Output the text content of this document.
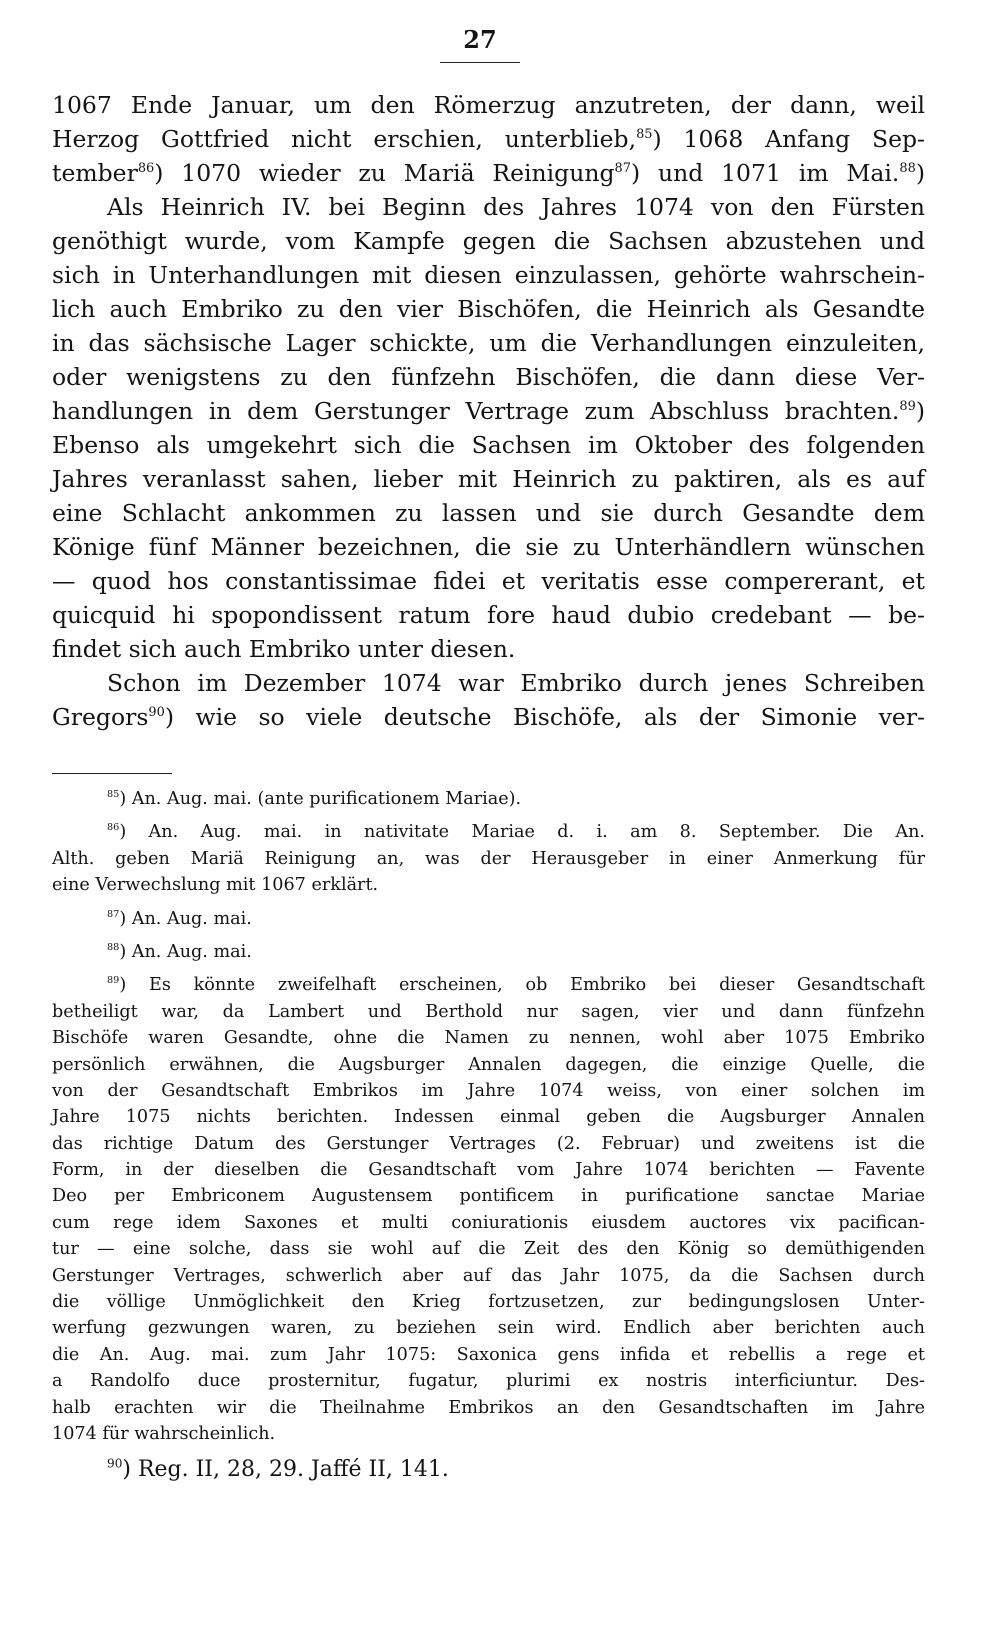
27
1067 Ende Januar, um den Römerzug anzutreten, der dann, weil
Herzog Gottfried nicht erschien, unterblieb,$^{85}$) 1068 Anfang Sep-
tember$^{86}$) 1070 wieder zu Mariä Reinigung$^{87}$) und 1071 im Mai.$^{88}$)
Als Heinrich IV. bei Beginn des Jahres 1074 von den Fürsten
genöthigt wurde, vom Kampfe gegen die Sachsen abzustehen und
sich in Unterhandlungen mit diesen einzulassen, gehörte wahrschein-
lich auch Embriko zu den vier Bischöfen, die Heinrich als Gesandte
in das sächsische Lager schickte, um die Verhandlungen einzuleiten,
oder wenigstens zu den fünfzehn Bischöfen, die dann diese Ver-
handlungen in dem Gerstunger Vertrage zum Abschluss brachten.$^{89}$)
Ebenso als umgekehrt sich die Sachsen im Oktober des folgenden
Jahres veranlasst sahen, lieber mit Heinrich zu paktiren, als es auf
eine Schlacht ankommen zu lassen und sie durch Gesandte dem
Könige fünf Männer bezeichnen, die sie zu Unterhändlern wünschen
— quod hos constantissimae fidei et veritatis esse compererant, et
quicquid hi spopondissent ratum fore haud dubio credebant — be-
findet sich auch Embriko unter diesen.
Schon im Dezember 1074 war Embriko durch jenes Schreiben
Gregors$^{90}$) wie so viele deutsche Bischöfe, als der Simonie ver-
$^{85}$) An. Aug. mai. (ante purificationem Mariae).
$^{86}$) An. Aug. mai. in nativitate Mariae d. i. am 8. September. Die An.
Alth. geben Mariä Reinigung an, was der Herausgeber in einer Anmerkung für
eine Verwechslung mit 1067 erklärt.
$^{87}$) An. Aug. mai.
$^{88}$) An. Aug. mai.
$^{89}$) Es könnte zweifelhaft erscheinen, ob Embriko bei dieser Gesandtschaft
betheiligt war, da Lambert und Berthold nur sagen, vier und dann fünfzehn
Bischöfe waren Gesandte, ohne die Namen zu nennen, wohl aber 1075 Embriko
persönlich erwähnen, die Augsburger Annalen dagegen, die einzige Quelle, die
von der Gesandtschaft Embrikos im Jahre 1074 weiss, von einer solchen im
Jahre 1075 nichts berichten. Indessen einmal geben die Augsburger Annalen
das richtige Datum des Gerstunger Vertrages (2. Februar) und zweitens ist die
Form, in der dieselben die Gesandtschaft vom Jahre 1074 berichten — Favente
Deo per Embriconem Augustensem pontificem in purificatione sanctae Mariae
cum rege idem Saxones et multi coniurationis eiusdem auctores vix pacifican-
tur — eine solche, dass sie wohl auf die Zeit des den König so demüthigenden
Gerstunger Vertrages, schwerlich aber auf das Jahr 1075, da die Sachsen durch
die völlige Unmöglichkeit den Krieg fortzusetzen, zur bedingungslosen Unter-
werfung gezwungen waren, zu beziehen sein wird. Endlich aber berichten auch
die An. Aug. mai. zum Jahr 1075: Saxonica gens infida et rebellis a rege et
a Randolfo duce prosternitur, fugatur, plurimi ex nostris interficiuntur. Des-
halb erachten wir die Theilnahme Embrikos an den Gesandtschaften im Jahre
1074 für wahrscheinlich.
$^{90}$) Reg. II, 28, 29. Jaffé II, 141.
